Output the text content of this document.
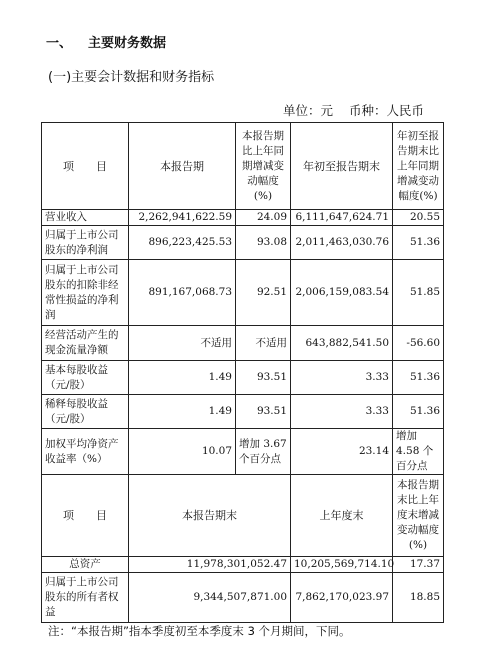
一、 主要财务数据
(一)主要会计数据和财务指标
单位：元 币种：人民币
项　　目	本报告期	本报告期比上年同期增减变动幅度(%)	年初至报告期末	年初至报告期末比上年同期增减变动幅度(%)
营业收入	2,262,941,622.59	24.09	6,111,647,624.71	20.55
归属于上市公司股东的净利润	896,223,425.53	93.08	2,011,463,030.76	51.36
归属于上市公司股东的扣除非经常性损益的净利润	891,167,068.73	92.51	2,006,159,083.54	51.85
经营活动产生的现金流量净额	不适用	不适用	643,882,541.50	-56.60
基本每股收益（元/股）	1.49	93.51	3.33	51.36
稀释每股收益（元/股）	1.49	93.51	3.33	51.36
加权平均净资产收益率（%）	10.07	增加 3.67 个百分点	23.14	增加 4.58 个百分点
项　　目	本报告期末		上年度末	本报告期末比上年度末增减变动幅度(%)
总资产	11,978,301,052.47		10,205,569,714.10	17.37
归属于上市公司股东的所有者权益	9,344,507,871.00		7,862,170,023.97	18.85
注：“本报告期”指本季度初至本季度末 3 个月期间，下同。
